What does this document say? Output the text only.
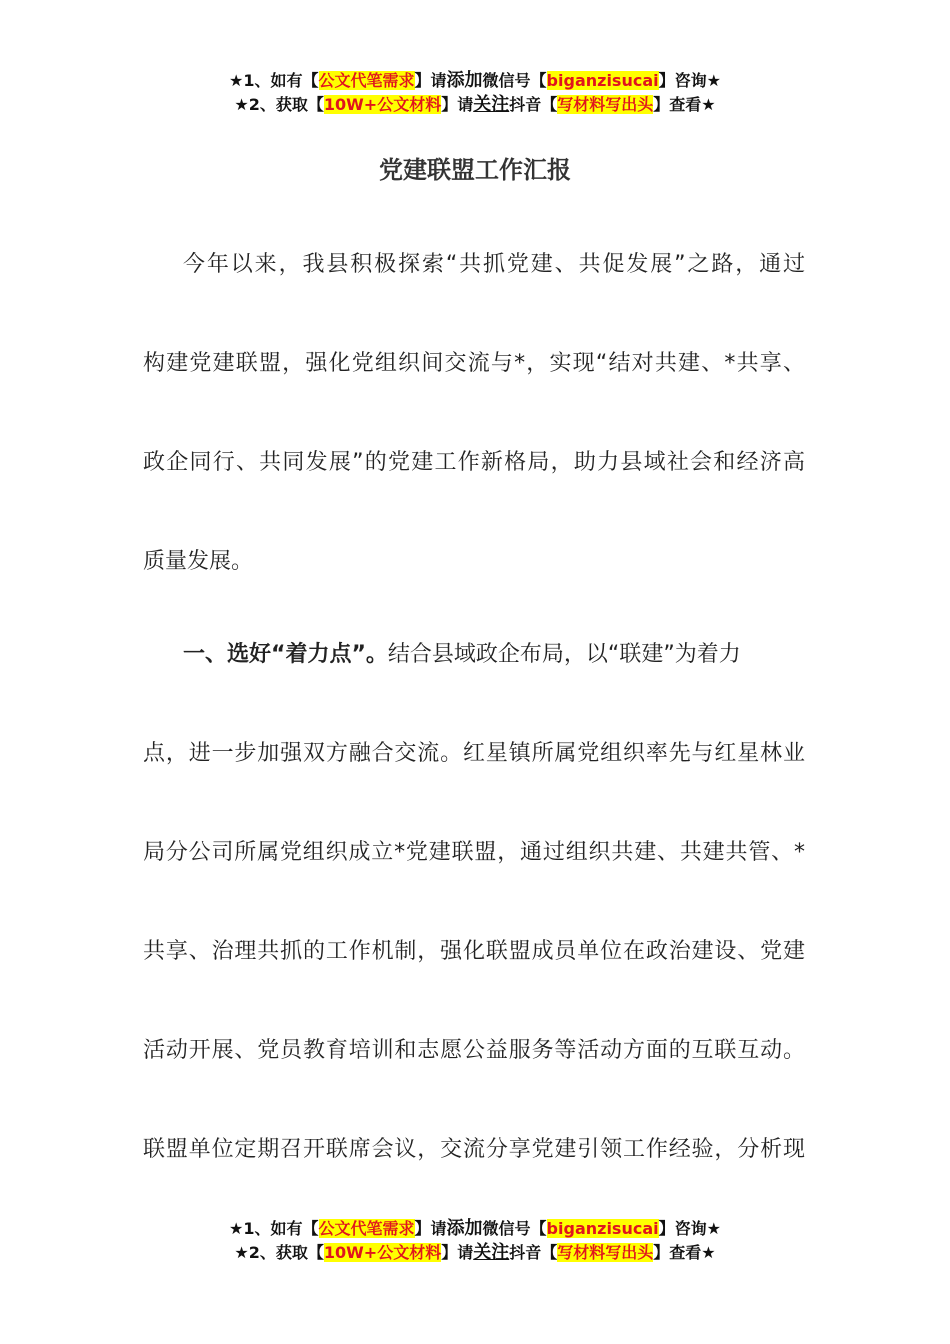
★1、如有【公文代笔需求】请添加微信号【biganzisucai】咨询★
★2、获取【10W+公文材料】请关注抖音【写材料写出头】查看★
党建联盟工作汇报
今年以来，我县积极探索“共抓党建、共促发展”之路，通过
构建党建联盟，强化党组织间交流与*，实现“结对共建、*共享、
政企同行、共同发展”的党建工作新格局，助力县域社会和经济高
质量发展。
一、选好“着力点”。结合县域政企布局，以“联建”为着力
点，进一步加强双方融合交流。红星镇所属党组织率先与红星林业
局分公司所属党组织成立*党建联盟，通过组织共建、共建共管、*
共享、治理共抓的工作机制，强化联盟成员单位在政治建设、党建
活动开展、党员教育培训和志愿公益服务等活动方面的互联互动。
联盟单位定期召开联席会议，交流分享党建引领工作经验，分析现
★1、如有【公文代笔需求】请添加微信号【biganzisucai】咨询★
★2、获取【10W+公文材料】请关注抖音【写材料写出头】查看★
